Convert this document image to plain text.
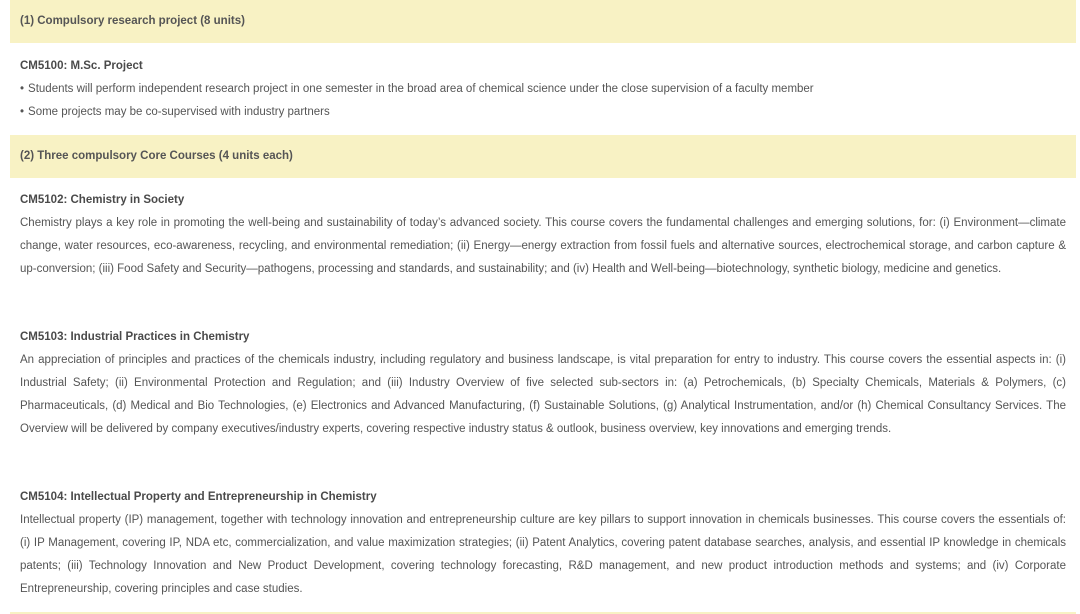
(1) Compulsory research project (8 units)
CM5100: M.Sc. Project
• Students will perform independent research project in one semester in the broad area of chemical science under the close supervision of a faculty member
• Some projects may be co-supervised with industry partners
(2) Three compulsory Core Courses (4 units each)
CM5102: Chemistry in Society

Chemistry plays a key role in promoting the well-being and sustainability of today’s advanced society. This course covers the fundamental challenges and emerging solutions, for: (i) Environment—climate change, water resources, eco-awareness, recycling, and environmental remediation; (ii) Energy—energy extraction from fossil fuels and alternative sources, electrochemical storage, and carbon capture & up-conversion; (iii) Food Safety and Security—pathogens, processing and standards, and sustainability; and (iv) Health and Well-being—biotechnology, synthetic biology, medicine and genetics.

CM5103: Industrial Practices in Chemistry

An appreciation of principles and practices of the chemicals industry, including regulatory and business landscape, is vital preparation for entry to industry. This course covers the essential aspects in: (i) Industrial Safety; (ii) Environmental Protection and Regulation; and (iii) Industry Overview of five selected sub-sectors in: (a) Petrochemicals, (b) Specialty Chemicals, Materials & Polymers, (c) Pharmaceuticals, (d) Medical and Bio Technologies, (e) Electronics and Advanced Manufacturing, (f) Sustainable Solutions, (g) Analytical Instrumentation, and/or (h) Chemical Consultancy Services. The Overview will be delivered by company executives/industry experts, covering respective industry status & outlook, business overview, key innovations and emerging trends.

CM5104: Intellectual Property and Entrepreneurship in Chemistry

Intellectual property (IP) management, together with technology innovation and entrepreneurship culture are key pillars to support innovation in chemicals businesses. This course covers the essentials of: (i) IP Management, covering IP, NDA etc, commercialization, and value maximization strategies; (ii) Patent Analytics, covering patent database searches, analysis, and essential IP knowledge in chemicals patents; (iii) Technology Innovation and New Product Development, covering technology forecasting, R&D management, and new product introduction methods and systems; and (iv) Corporate Entrepreneurship, covering principles and case studies.
